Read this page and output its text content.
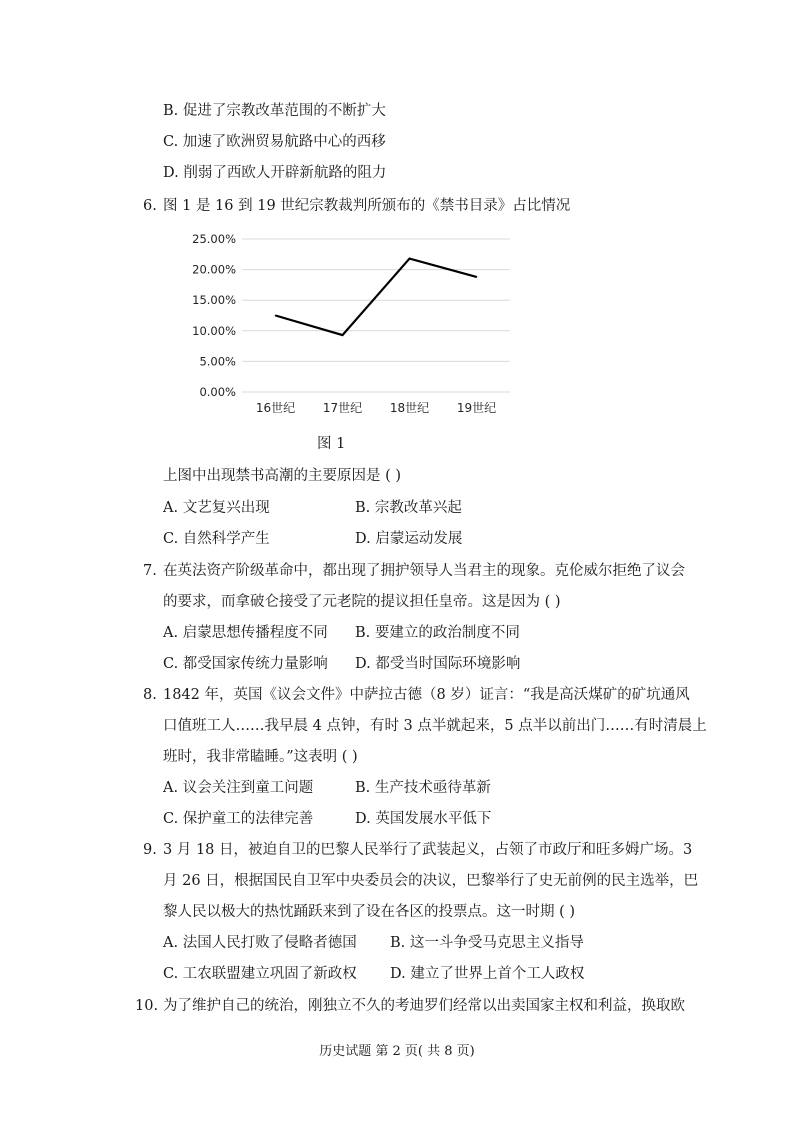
B. 促进了宗教改革范围的不断扩大
C. 加速了欧洲贸易航路中心的西移
D. 削弱了西欧人开辟新航路的阻力
6. 图 1 是 16 到 19 世纪宗教裁判所颁布的《禁书目录》占比情况
0.00%
5.00%
10.00%
15.00%
20.00%
25.00%
16世纪 17世纪 18世纪 19世纪
图 1
上图中出现禁书高潮的主要原因是 ( )
A. 文艺复兴出现	B. 宗教改革兴起
C. 自然科学产生	D. 启蒙运动发展
7. 在英法资产阶级革命中，都出现了拥护领导人当君主的现象。克伦威尔拒绝了议会
的要求，而拿破仑接受了元老院的提议担任皇帝。这是因为 ( )
A. 启蒙思想传播程度不同 B. 要建立的政治制度不同
C. 都受国家传统力量影响 D. 都受当时国际环境影响
8. 1842 年，英国《议会文件》中萨拉古德（8 岁）证言：“我是高沃煤矿的矿坑通风
口值班工人……我早晨 4 点钟，有时 3 点半就起来，5 点半以前出门……有时清晨上
班时，我非常瞌睡。”这表明 ( )
A. 议会关注到童工问题	B. 生产技术亟待革新
C. 保护童工的法律完善	D. 英国发展水平低下
9. 3 月 18 日，被迫自卫的巴黎人民举行了武装起义，占领了市政厅和旺多姆广场。3
月 26 日，根据国民自卫军中央委员会的决议，巴黎举行了史无前例的民主选举，巴
黎人民以极大的热忱踊跃来到了设在各区的投票点。这一时期 ( )
A. 法国人民打败了侵略者德国 B. 这一斗争受马克思主义指导
C. 工农联盟建立巩固了新政权 D. 建立了世界上首个工人政权
10. 为了维护自己的统治，刚独立不久的考迪罗们经常以出卖国家主权和利益，换取欧
历史试题 第 2 页( 共 8 页)
